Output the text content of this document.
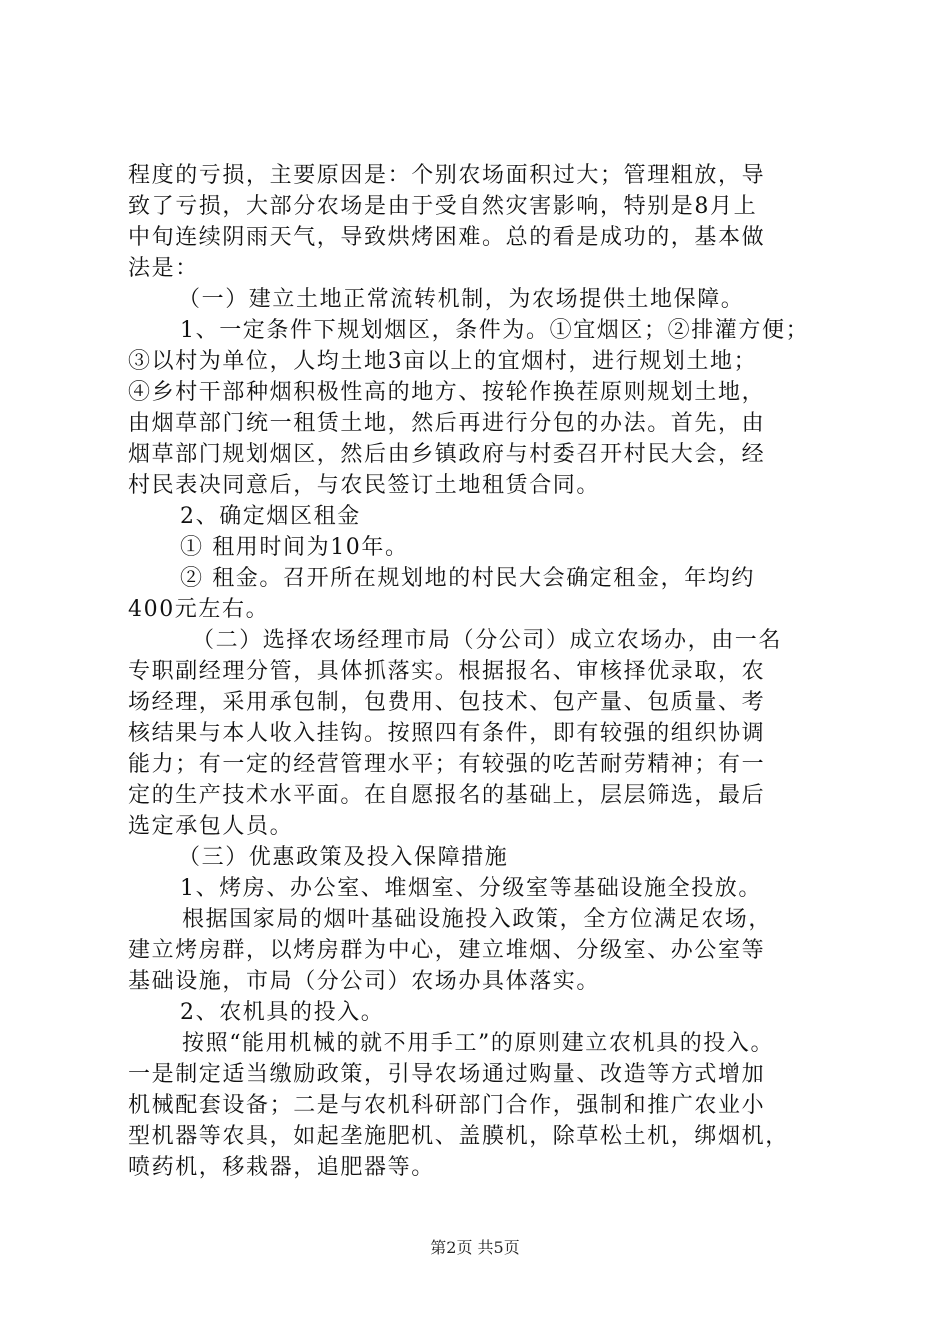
程度的亏损，主要原因是：个别农场面积过大；管理粗放，导
致了亏损，大部分农场是由于受自然灾害影响，特别是8月上
中旬连续阴雨天气，导致烘烤困难。总的看是成功的，基本做
法是：
（一）建立土地正常流转机制，为农场提供土地保障。
1、一定条件下规划烟区，条件为。①宜烟区；②排灌方便；
③以村为单位，人均土地3亩以上的宜烟村，进行规划土地；
④乡村干部种烟积极性高的地方、按轮作换茬原则规划土地，
由烟草部门统一租赁土地，然后再进行分包的办法。首先，由
烟草部门规划烟区，然后由乡镇政府与村委召开村民大会，经
村民表决同意后，与农民签订土地租赁合同。
2、确定烟区租金
① 租用时间为10年。
② 租金。召开所在规划地的村民大会确定租金，年均约
400元左右。
（二）选择农场经理市局（分公司）成立农场办，由一名
专职副经理分管，具体抓落实。根据报名、审核择优录取，农
场经理，采用承包制，包费用、包技术、包产量、包质量、考
核结果与本人收入挂钩。按照四有条件，即有较强的组织协调
能力；有一定的经营管理水平；有较强的吃苦耐劳精神；有一
定的生产技术水平面。在自愿报名的基础上，层层筛选，最后
选定承包人员。
（三）优惠政策及投入保障措施
1、烤房、办公室、堆烟室、分级室等基础设施全投放。
根据国家局的烟叶基础设施投入政策，全方位满足农场，
建立烤房群，以烤房群为中心，建立堆烟、分级室、办公室等
基础设施，市局（分公司）农场办具体落实。
2、农机具的投入。
按照“能用机械的就不用手工”的原则建立农机具的投入。
一是制定适当缴励政策，引导农场通过购量、改造等方式增加
机械配套设备；二是与农机科研部门合作，强制和推广农业小
型机器等农具，如起垄施肥机、盖膜机，除草松土机，绑烟机，
喷药机，移栽器，追肥器等。
第2页 共5页
